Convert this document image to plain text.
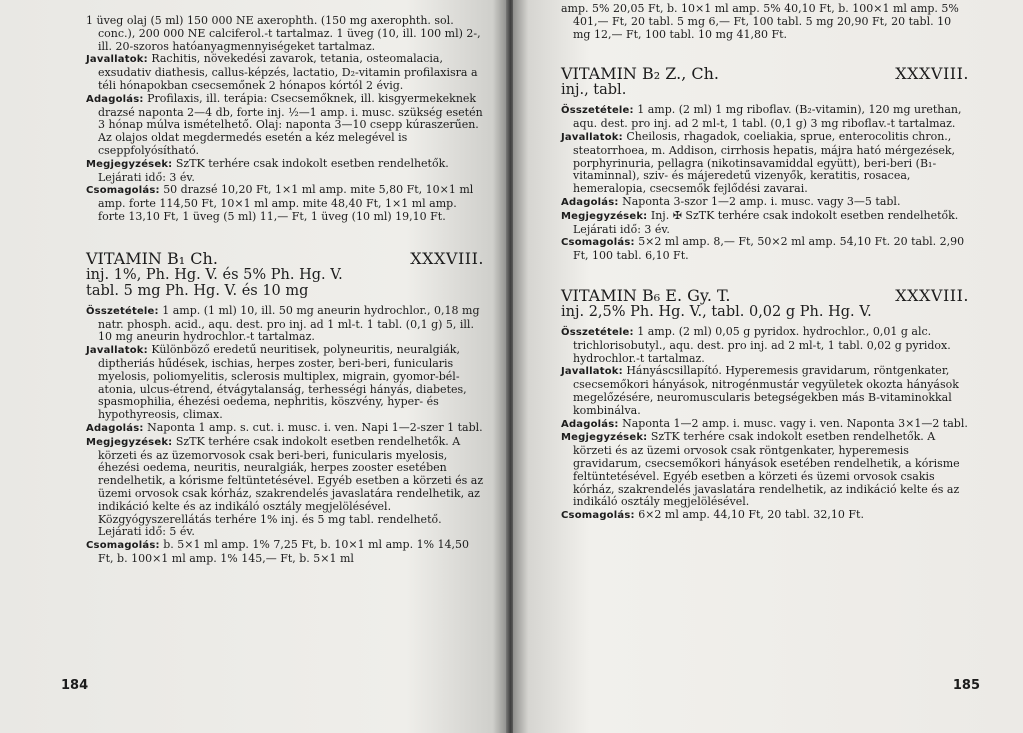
1 üveg olaj (5 ml) 150 000 NE axerophth. (150 mg axerophth. sol. conc.), 200 000 NE calciferol.-t tartalmaz. 1 üveg (10, ill. 100 ml) 2-, ill. 20-szoros hatóanyagmennyiségeket tartalmaz.

Javallatok: Rachitis, növekedési zavarok, tetania, osteomalacia, exsudativ diathesis, callus-képzés, lactatio, D₂-vitamin profilaxisra a téli hónapokban csecsemőnek 2 hónapos kórtól 2 évig.

Adagolás: Profilaxis, ill. terápia: Csecsemőknek, ill. kisgyermekeknek drazsé naponta 2—4 db, forte inj. ½—1 amp. i. musc. szükség esetén 3 hónap múlva ismételhető. Olaj: naponta 3—10 csepp kúraszerűen. Az olajos oldat megdermedés esetén a kéz melegével is cseppfolyósítható.

Megjegyzések: SzTK terhére csak indokolt esetben rendelhetők. Lejárati idő: 3 év.

Csomagolás: 50 drazsé 10,20 Ft, 1×1 ml amp. mite 5,80 Ft, 10×1 ml amp. forte 114,50 Ft, 10×1 ml amp. mite 48,40 Ft, 1×1 ml amp. forte 13,10 Ft, 1 üveg (5 ml) 11,— Ft, 1 üveg (10 ml) 19,10 Ft.

VITAMIN B₁ Ch.	XXXVIII.

inj. 1%, Ph. Hg. V. és 5% Ph. Hg. V.

tabl. 5 mg Ph. Hg. V. és 10 mg

Összetétele: 1 amp. (1 ml) 10, ill. 50 mg aneurin hydrochlor., 0,18 mg natr. phosph. acid., aqu. dest. pro inj. ad 1 ml-t. 1 tabl. (0,1 g) 5, ill. 10 mg aneurin hydrochlor.-t tartalmaz.

Javallatok: Különböző eredetű neuritisek, polyneuritis, neuralgiák, diptheriás hűdések, ischias, herpes zoster, beri-beri, funicularis myelosis, poliomyelitis, sclerosis multiplex, migrain, gyomor-bél-atonia, ulcus-étrend, étvágytalanság, terhességi hányás, diabetes, spasmophilia, éhezési oedema, nephritis, köszvény, hyper- és hypothyreosis, climax.

Adagolás: Naponta 1 amp. s. cut. i. musc. i. ven. Napi 1—2-szer 1 tabl.

Megjegyzések: SzTK terhére csak indokolt esetben rendelhetők. A körzeti és az üzemorvosok csak beri-beri, funicularis myelosis, éhezési oedema, neuritis, neuralgiák, herpes zooster esetében rendelhetik, a kórisme feltüntetésével. Egyéb esetben a körzeti és az üzemi orvosok csak kórház, szakrendelés javaslatára rendelhetik, az indikáció kelte és az indikáló osztály megjelölésével. Közgyógyszerellátás terhére 1% inj. és 5 mg tabl. rendelhető. Lejárati idő: 5 év.

Csomagolás: b. 5×1 ml amp. 1% 7,25 Ft, b. 10×1 ml amp. 1% 14,50 Ft, b. 100×1 ml amp. 1% 145,— Ft, b. 5×1 ml

184

amp. 5% 20,05 Ft, b. 10×1 ml amp. 5% 40,10 Ft, b. 100×1 ml amp. 5% 401,— Ft, 20 tabl. 5 mg 6,— Ft, 100 tabl. 5 mg 20,90 Ft, 20 tabl. 10 mg 12,— Ft, 100 tabl. 10 mg 41,80 Ft.

VITAMIN B₂ Z., Ch.	XXXVIII.

inj., tabl.

Összetétele: 1 amp. (2 ml) 1 mg riboflav. (B₂-vitamin), 120 mg urethan, aqu. dest. pro inj. ad 2 ml-t, 1 tabl. (0,1 g) 3 mg riboflav.-t tartalmaz.

Javallatok: Cheilosis, rhagadok, coeliakia, sprue, enterocolitis chron., steatorrhoea, m. Addison, cirrhosis hepatis, májra ható mérgezések, porphyrinuria, pellagra (nikotinsavamiddal együtt), beri-beri (B₁-vitaminnal), sziv- és májeredetű vizenyők, keratitis, rosacea, hemeralopia, csecsemők fejlődési zavarai.

Adagolás: Naponta 3-szor 1—2 amp. i. musc. vagy 3—5 tabl.

Megjegyzések: Inj. ✠ SzTK terhére csak indokolt esetben rendelhetők. Lejárati idő: 3 év.

Csomagolás: 5×2 ml amp. 8,— Ft, 50×2 ml amp. 54,10 Ft. 20 tabl. 2,90 Ft, 100 tabl. 6,10 Ft.

VITAMIN B₆ E. Gy. T.	XXXVIII.

inj. 2,5% Ph. Hg. V., tabl. 0,02 g Ph. Hg. V.

Összetétele: 1 amp. (2 ml) 0,05 g pyridox. hydrochlor., 0,01 g alc. trichlorisobutyl., aqu. dest. pro inj. ad 2 ml-t, 1 tabl. 0,02 g pyridox. hydrochlor.-t tartalmaz.

Javallatok: Hányáscsillapító. Hyperemesis gravidarum, röntgenkater, csecsemőkori hányások, nitrogénmustár vegyületek okozta hányások megelőzésére, neuromuscularis betegségekben más B-vitaminokkal kombinálva.

Adagolás: Naponta 1—2 amp. i. musc. vagy i. ven. Naponta 3×1—2 tabl.

Megjegyzések: SzTK terhére csak indokolt esetben rendelhetők. A körzeti és az üzemi orvosok csak röntgenkater, hyperemesis gravidarum, csecsemőkori hányások esetében rendelhetik, a kórisme feltüntetésével. Egyéb esetben a körzeti és üzemi orvosok csakis kórház, szakrendelés javaslatára rendelhetik, az indikáció kelte és az indikáló osztály megjelölésével.

Csomagolás: 6×2 ml amp. 44,10 Ft, 20 tabl. 32,10 Ft.

185
